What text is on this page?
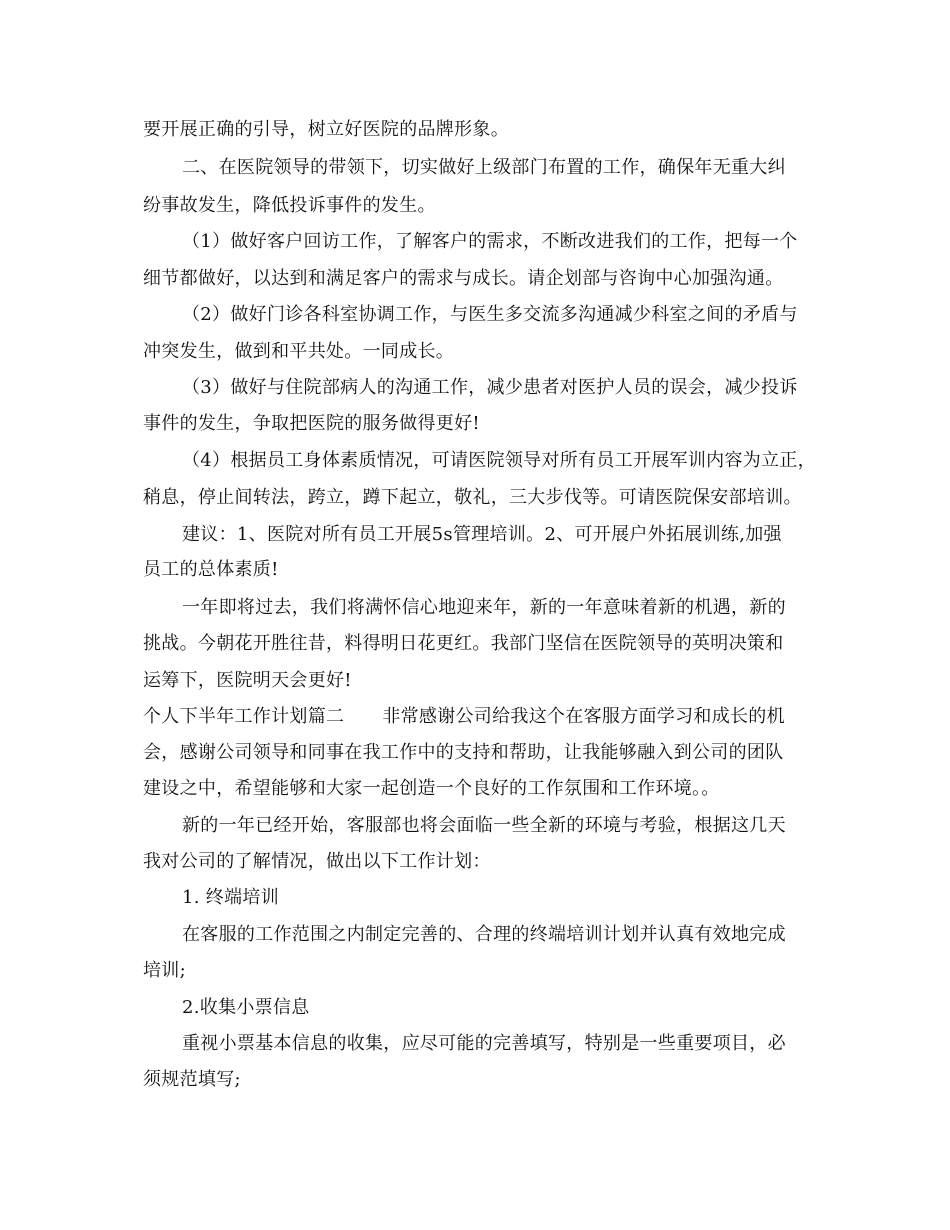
要开展正确的引导，树立好医院的品牌形象。
二、在医院领导的带领下，切实做好上级部门布置的工作，确保年无重大纠
纷事故发生，降低投诉事件的发生。
（1）做好客户回访工作，了解客户的需求，不断改进我们的工作，把每一个
细节都做好，以达到和满足客户的需求与成长。请企划部与咨询中心加强沟通。
（2）做好门诊各科室协调工作，与医生多交流多沟通减少科室之间的矛盾与
冲突发生，做到和平共处。一同成长。
（3）做好与住院部病人的沟通工作，减少患者对医护人员的误会，减少投诉
事件的发生，争取把医院的服务做得更好!
（4）根据员工身体素质情况，可请医院领导对所有员工开展军训内容为立正，
稍息，停止间转法，跨立，蹲下起立，敬礼，三大步伐等。可请医院保安部培训。
建议：1、医院对所有员工开展5s管理培训。2、可开展户外拓展训练,加强
员工的总体素质!
一年即将过去，我们将满怀信心地迎来年，新的一年意味着新的机遇，新的
挑战。今朝花开胜往昔，料得明日花更红。我部门坚信在医院领导的英明决策和
运筹下，医院明天会更好!
个人下半年工作计划篇二 非常感谢公司给我这个在客服方面学习和成长的机
会，感谢公司领导和同事在我工作中的支持和帮助，让我能够融入到公司的团队
建设之中，希望能够和大家一起创造一个良好的工作氛围和工作环境。。
新的一年已经开始，客服部也将会面临一些全新的环境与考验，根据这几天
我对公司的了解情况，做出以下工作计划：
1. 终端培训
在客服的工作范围之内制定完善的、合理的终端培训计划并认真有效地完成
培训;
2.收集小票信息
重视小票基本信息的收集，应尽可能的完善填写，特别是一些重要项目，必
须规范填写;
